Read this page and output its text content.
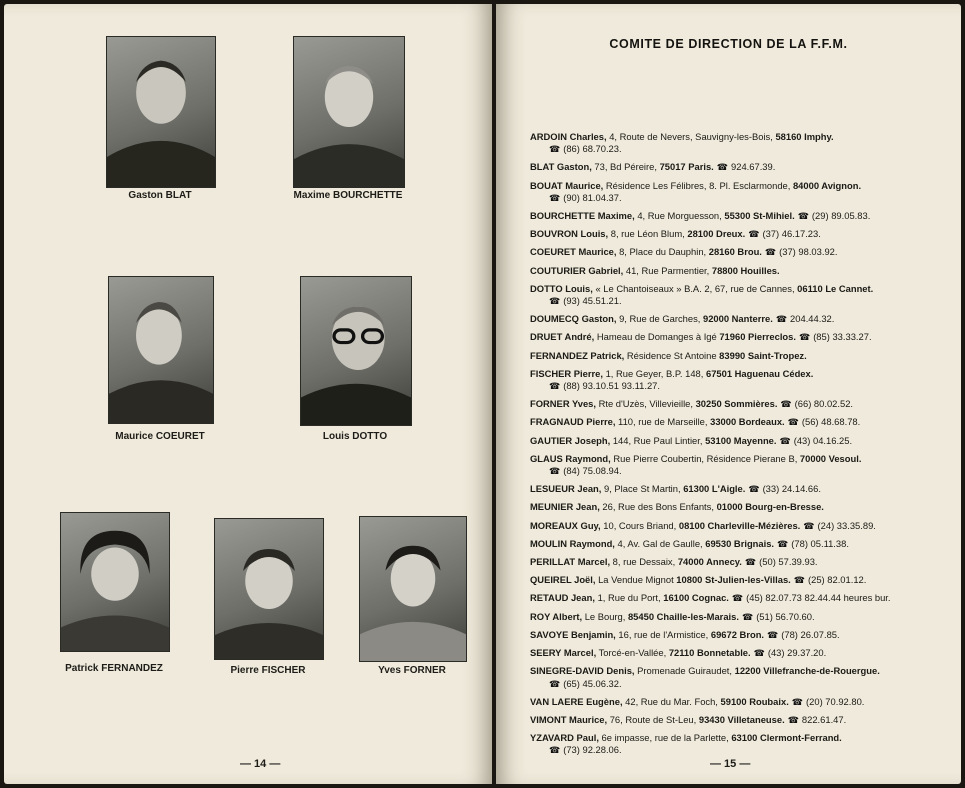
Gaston BLAT	Maxime BOURCHETTE
Maurice COEURET	Louis DOTTO
Patrick FERNANDEZ	Pierre FISCHER	Yves FORNER
— 14 —
COMITE DE DIRECTION DE LA F.F.M.
ARDOIN Charles, 4, Route de Nevers, Sauvigny-les-Bois, 58160 Imphy.
☎ (86) 68.70.23.
BLAT Gaston, 73, Bd Péreire, 75017 Paris. ☎ 924.67.39.
BOUAT Maurice, Résidence Les Félibres, 8. Pl. Esclarmonde, 84000 Avignon.
☎ (90) 81.04.37.
BOURCHETTE Maxime, 4, Rue Morguesson, 55300 St-Mihiel. ☎ (29) 89.05.83.
BOUVRON Louis, 8, rue Léon Blum, 28100 Dreux. ☎ (37) 46.17.23.
COEURET Maurice, 8, Place du Dauphin, 28160 Brou. ☎ (37) 98.03.92.
COUTURIER Gabriel, 41, Rue Parmentier, 78800 Houilles.
DOTTO Louis, « Le Chantoiseaux » B.A. 2, 67, rue de Cannes, 06110 Le Cannet.
☎ (93) 45.51.21.
DOUMECQ Gaston, 9, Rue de Garches, 92000 Nanterre. ☎ 204.44.32.
DRUET André, Hameau de Domanges à Igé 71960 Pierreclos. ☎ (85) 33.33.27.
FERNANDEZ Patrick, Résidence St Antoine 83990 Saint-Tropez.
FISCHER Pierre, 1, Rue Geyer, B.P. 148, 67501 Haguenau Cédex.
☎ (88) 93.10.51 93.11.27.
FORNER Yves, Rte d'Uzès, Villevieille, 30250 Sommières. ☎ (66) 80.02.52.
FRAGNAUD Pierre, 110, rue de Marseille, 33000 Bordeaux. ☎ (56) 48.68.78.
GAUTIER Joseph, 144, Rue Paul Lintier, 53100 Mayenne. ☎ (43) 04.16.25.
GLAUS Raymond, Rue Pierre Coubertin, Résidence Pierane B, 70000 Vesoul.
☎ (84) 75.08.94.
LESUEUR Jean, 9, Place St Martin, 61300 L'Aigle. ☎ (33) 24.14.66.
MEUNIER Jean, 26, Rue des Bons Enfants, 01000 Bourg-en-Bresse.
MOREAUX Guy, 10, Cours Briand, 08100 Charleville-Mézières. ☎ (24) 33.35.89.
MOULIN Raymond, 4, Av. Gal de Gaulle, 69530 Brignais. ☎ (78) 05.11.38.
PERILLAT Marcel, 8, rue Dessaix, 74000 Annecy. ☎ (50) 57.39.93.
QUEIREL Joël, La Vendue Mignot 10800 St-Julien-les-Villas. ☎ (25) 82.01.12.
RETAUD Jean, 1, Rue du Port, 16100 Cognac. ☎ (45) 82.07.73 82.44.44 heures bur.
ROY Albert, Le Bourg, 85450 Chaille-les-Marais. ☎ (51) 56.70.60.
SAVOYE Benjamin, 16, rue de l'Armistice, 69672 Bron. ☎ (78) 26.07.85.
SEERY Marcel, Torcé-en-Vallée, 72110 Bonnetable. ☎ (43) 29.37.20.
SINEGRE-DAVID Denis, Promenade Guiraudet, 12200 Villefranche-de-Rouergue.
☎ (65) 45.06.32.
VAN LAERE Eugène, 42, Rue du Mar. Foch, 59100 Roubaix. ☎ (20) 70.92.80.
VIMONT Maurice, 76, Route de St-Leu, 93430 Villetaneuse. ☎ 822.61.47.
YZAVARD Paul, 6e impasse, rue de la Parlette, 63100 Clermont-Ferrand.
☎ (73) 92.28.06.
— 15 —
